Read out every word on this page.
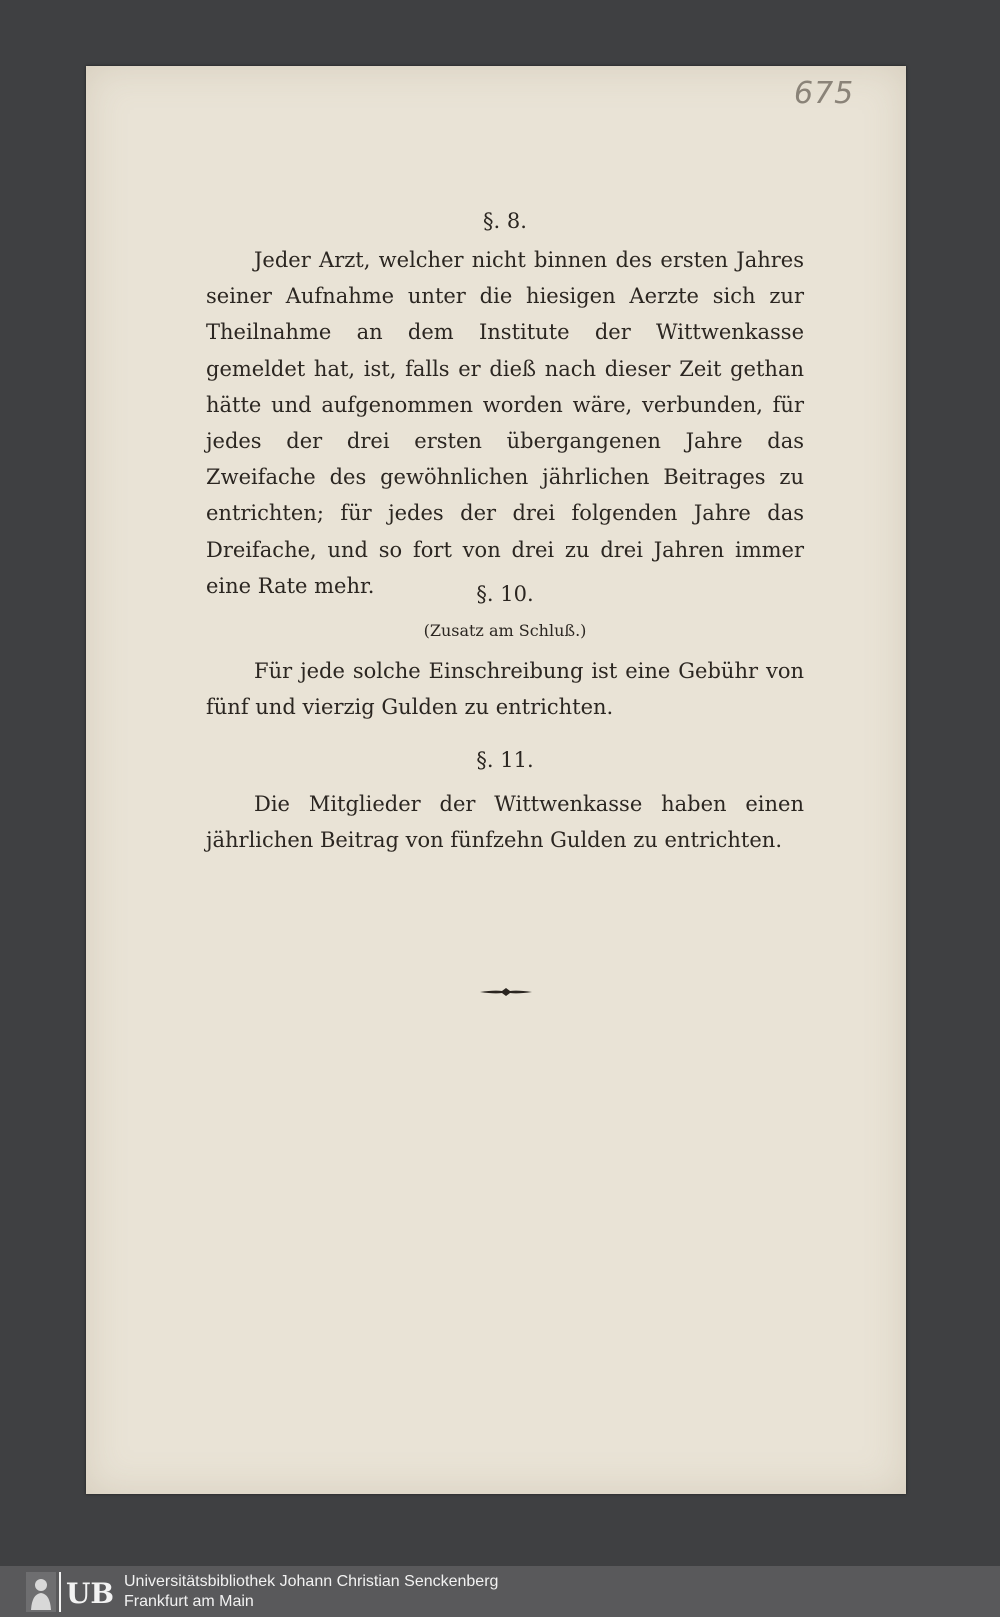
675
§. 8.
Jeder Arzt, welcher nicht binnen des ersten Jahres seiner Aufnahme unter die hiesigen Aerzte sich zur Theilnahme an dem Institute der Wittwenkasse gemeldet hat, ist, falls er dieß nach dieser Zeit gethan hätte und aufgenommen worden wäre, verbunden, für jedes der drei ersten übergangenen Jahre das Zweifache des gewöhnlichen jährlichen Beitrages zu entrichten; für jedes der drei folgenden Jahre das Dreifache, und so fort von drei zu drei Jahren immer eine Rate mehr.	§. 10.
(Zusatz am Schluß.)
Für jede solche Einschreibung ist eine Gebühr von fünf und vierzig Gulden zu entrichten.
§. 11.
Die Mitglieder der Wittwenkasse haben einen jährlichen Beitrag von fünfzehn Gulden zu entrichten.
UB Universitätsbibliothek Johann Christian Senckenberg
Frankfurt am Main
